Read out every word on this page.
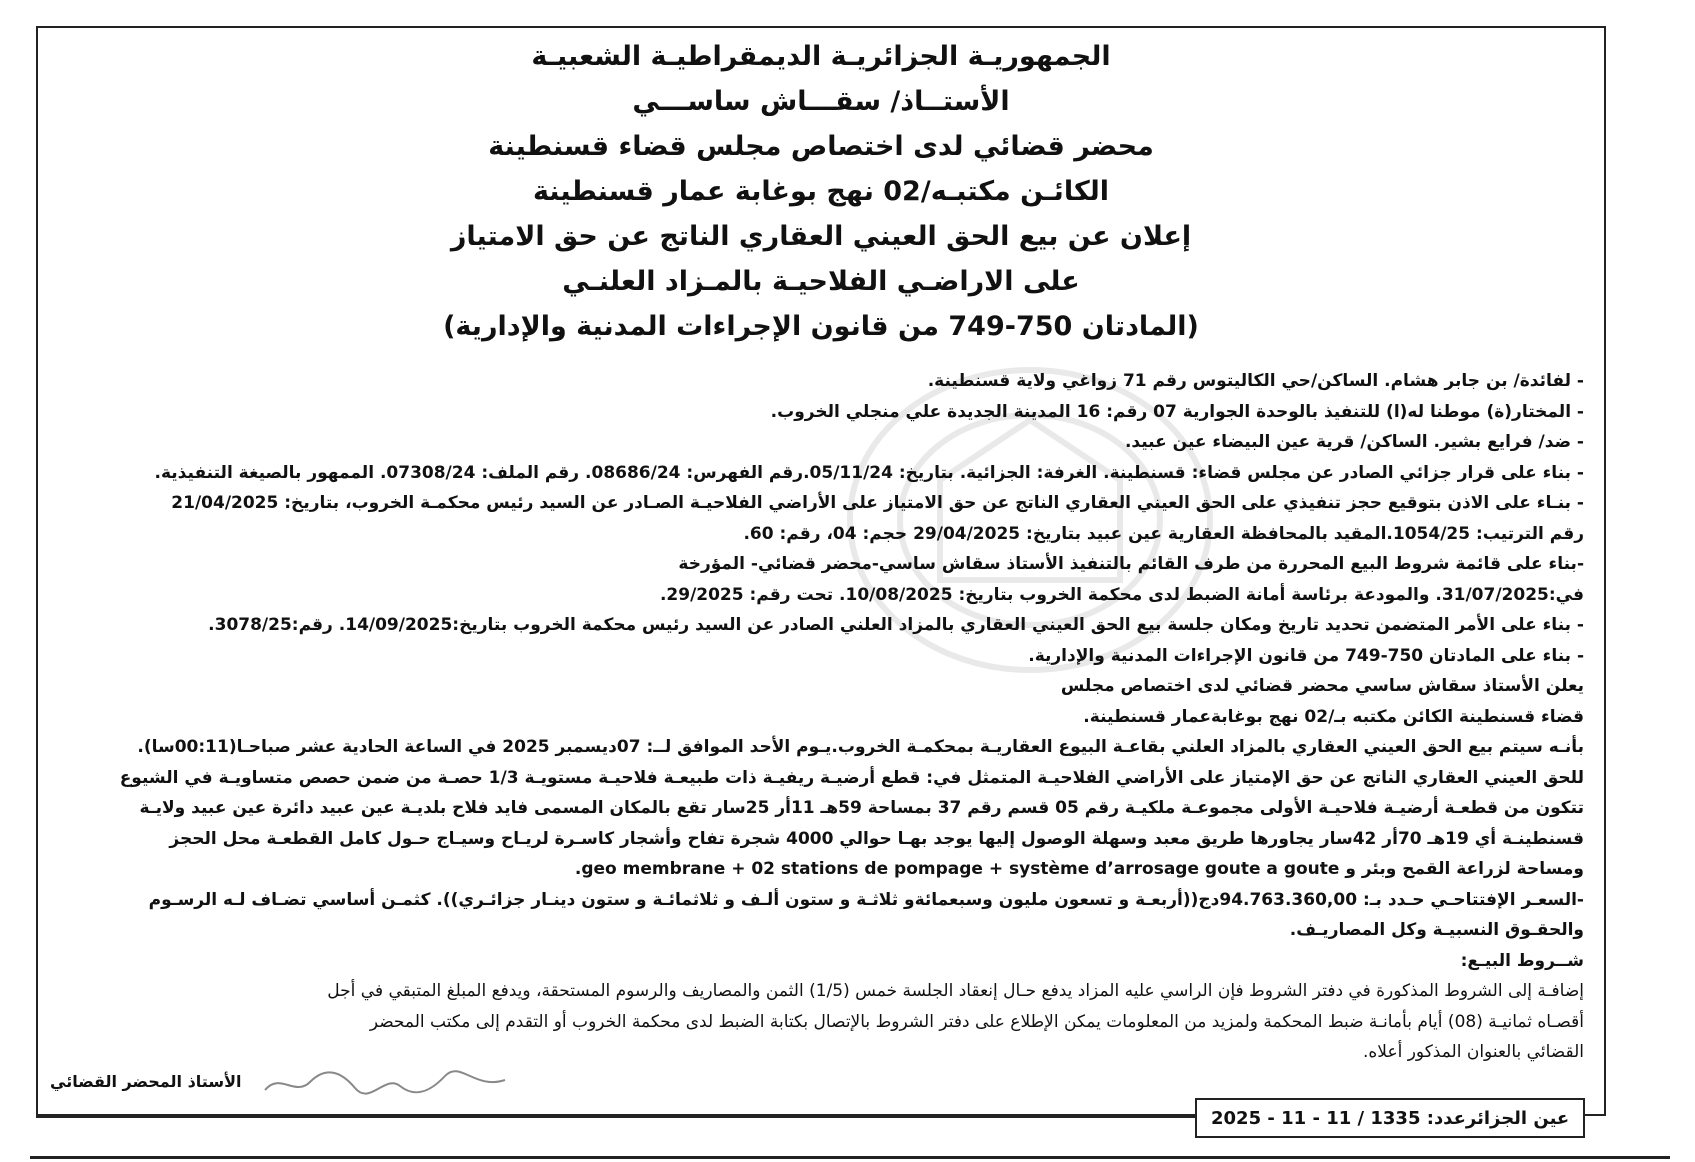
الجمهوريـة الجزائريـة الديمقراطيـة الشعبيـة
الأستــاذ/ سقـــاش ساســـي
محضر قضائي لدى اختصاص مجلس قضاء قسنطينة
الكائـن مكتبـه/02 نهج بوغابة عمار قسنطينة
إعلان عن بيع الحق العيني العقاري الناتج عن حق الامتياز
على الاراضـي الفلاحيـة بالمـزاد العلنـي
(المادتان 750-749 من قانون الإجراءات المدنية والإدارية)
- لفائدة/ بن جابر هشام. الساكن/حي الكاليتوس رقم 71 زواغي ولاية قسنطينة.
- المختار(ة) موطنا له(ا) للتنفيذ بالوحدة الجوارية 07 رقم: 16 المدينة الجديدة علي منجلي الخروب.
- ضد/ فرايع بشير. الساكن/ قرية عين البيضاء عين عبيد.
- بناء على قرار جزائي الصادر عن مجلس قضاء: قسنطينة. الغرفة: الجزائية. بتاريخ: 05/11/24.رقم الفهرس: 08686/24. رقم الملف: 07308/24. الممهور بالصيغة التنفيذية.
- بنـاء على الاذن بتوقيع حجز تنفيذي على الحق العيني العقاري الناتج عن حق الامتياز على الأراضي الفلاحيـة الصـادر عن السيد رئيس محكمـة الخروب، بتاريخ: 21/04/2025
رقم الترتيب: 1054/25.المقيد بالمحافظة العقارية عين عبيد بتاريخ: 29/04/2025 حجم: 04، رقم: 60.
-بناء على قائمة شروط البيع المحررة من طرف القائم بالتنفيذ الأستاذ سقاش ساسي-محضر قضائي- المؤرخة
في:31/07/2025. والمودعة برئاسة أمانة الضبط لدى محكمة الخروب بتاريخ: 10/08/2025. تحت رقم: 29/2025.
- بناء على الأمر المتضمن تحديد تاريخ ومكان جلسة بيع الحق العيني العقاري بالمزاد العلني الصادر عن السيد رئيس محكمة الخروب بتاريخ:14/09/2025. رقم:3078/25.
- بناء على المادتان 750-749 من قانون الإجراءات المدنية والإدارية.
يعلن الأستاذ سقاش ساسي محضر قضائي لدى اختصاص مجلس
قضاء قسنطينة الكائن مكتبه بـ/02 نهج بوغابةعمار قسنطينة.
بأنـه سيتم بيع الحق العيني العقاري بالمزاد العلني بقاعـة البيوع العقاريـة بمحكمـة الخروب.يـوم الأحد الموافق لــ: 07ديسمبر 2025 في الساعة الحادية عشر صباحـا(00:11سا).
للحق العيني العقاري الناتج عن حق الإمتياز على الأراضي الفلاحيـة المتمثل في: قطع أرضيـة ريفيـة ذات طبيعـة فلاحيـة مستويـة 1/3 حصـة من ضمن حصص متساويـة في الشيوع
تتكون من قطعـة أرضيـة فلاحيـة الأولى مجموعـة ملكيـة رقم 05 قسم رقم 37 بمساحة 59هـ 11أر 25سار تقع بالمكان المسمى فايد فلاح بلديـة عين عبيد دائرة عين عبيد ولايـة
قسنطينـة أي 19هـ 70أر 42سار يجاورها طريق معبد وسهلة الوصول إليها يوجد بهـا حوالي 4000 شجرة تفاح وأشجار كاسـرة لريـاح وسيـاج حـول كامل القطعـة محل الحجز
ومساحة لزراعة القمح وبئر و geo membrane + 02 stations de pompage + système d’arrosage goute a goute.
-السعـر الإفتتاحـي حـدد بـ: 94.763.360,00دج((أربعـة و تسعون مليون وسبعمائةو ثلاثـة و ستون ألـف و ثلاثمائـة و ستون دينـار جزائـري)). كثمـن أساسي تضـاف لـه الرسـوم
والحقـوق النسبيـة وكل المصاريـف.
شــروط البيـع:
إضافـة إلى الشروط المذكورة في دفتر الشروط فإن الراسي عليه المزاد يدفع حـال إنعقاد الجلسة خمس (1/5) الثمن والمصاريف والرسوم المستحقة، ويدفع المبلغ المتبقي في أجل
أقصـاه ثمانيـة (08) أيام بأمانـة ضبط المحكمة ولمزيد من المعلومات يمكن الإطلاع على دفتر الشروط بالإتصال بكتابة الضبط لدى محكمة الخروب أو التقدم إلى مكتب المحضر
القضائي بالعنوان المذكور أعلاه.
الأستاذ المحضر القضائي
عين الجزائرعدد: 1335 / 11 - 11 - 2025
